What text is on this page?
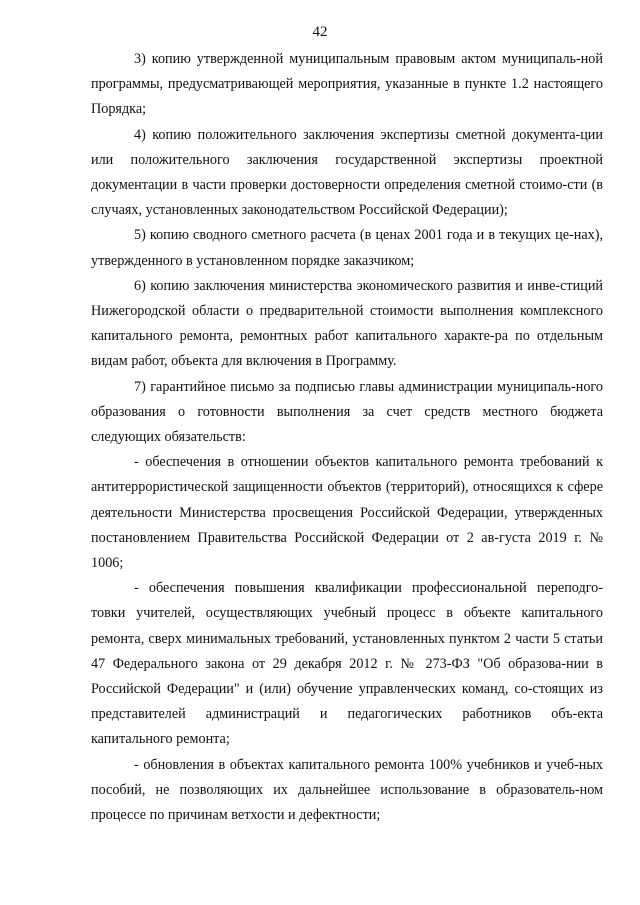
42

3) копию утвержденной муниципальным правовым актом муниципаль-ной программы, предусматривающей мероприятия, указанные в пункте 1.2 настоящего Порядка;

4) копию положительного заключения экспертизы сметной документа-ции или положительного заключения государственной экспертизы проектной документации в части проверки достоверности определения сметной стоимо-сти (в случаях, установленных законодательством Российской Федерации);

5) копию сводного сметного расчета (в ценах 2001 года и в текущих це-нах), утвержденного в установленном порядке заказчиком;

6) копию заключения министерства экономического развития и инве-стиций Нижегородской области о предварительной стоимости выполнения комплексного капитального ремонта, ремонтных работ капитального характе-ра по отдельным видам работ, объекта для включения в Программу.

7) гарантийное письмо за подписью главы администрации муниципаль-ного образования о готовности выполнения за счет средств местного бюджета следующих обязательств:

- обеспечения в отношении объектов капитального ремонта требований к антитеррористической защищенности объектов (территорий), относящихся к сфере деятельности Министерства просвещения Российской Федерации, утвержденных постановлением Правительства Российской Федерации от 2 ав-густа 2019 г. № 1006;

- обеспечения повышения квалификации профессиональной переподго-товки учителей, осуществляющих учебный процесс в объекте капитального ремонта, сверх минимальных требований, установленных пунктом 2 части 5 статьи 47 Федерального закона от 29 декабря 2012 г. № 273-ФЗ "Об образова-нии в Российской Федерации" и (или) обучение управленческих команд, со-стоящих из представителей администраций и педагогических работников объ-екта капитального ремонта;

- обновления в объектах капитального ремонта 100% учебников и учеб-ных пособий, не позволяющих их дальнейшее использование в образователь-ном процессе по причинам ветхости и дефектности;
